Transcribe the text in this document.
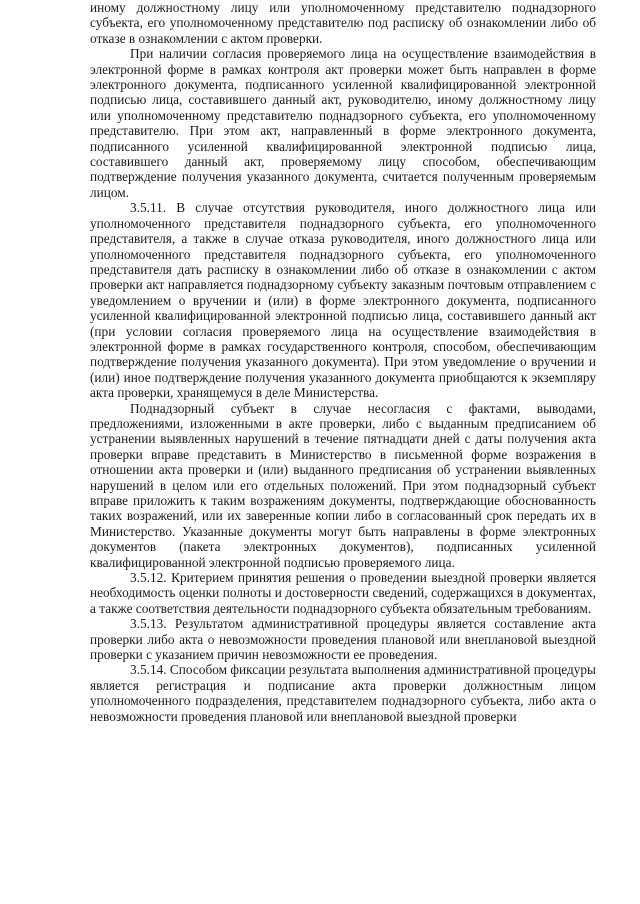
иному должностному лицу или уполномоченному представителю поднадзорного субъекта, его уполномоченному представителю под расписку об ознакомлении либо об отказе в ознакомлении с актом проверки.

При наличии согласия проверяемого лица на осуществление взаимодействия в электронной форме в рамках контроля акт проверки может быть направлен в форме электронного документа, подписанного усиленной квалифицированной электронной подписью лица, составившего данный акт, руководителю, иному должностному лицу или уполномоченному представителю поднадзорного субъекта, его уполномоченному представителю. При этом акт, направленный в форме электронного документа, подписанного усиленной квалифицированной электронной подписью лица, составившего данный акт, проверяемому лицу способом, обеспечивающим подтверждение получения указанного документа, считается полученным проверяемым лицом.

3.5.11. В случае отсутствия руководителя, иного должностного лица или уполномоченного представителя поднадзорного субъекта, его уполномоченного представителя, а также в случае отказа руководителя, иного должностного лица или уполномоченного представителя поднадзорного субъекта, его уполномоченного представителя дать расписку в ознакомлении либо об отказе в ознакомлении с актом проверки акт направляется поднадзорному субъекту заказным почтовым отправлением с уведомлением о вручении и (или) в форме электронного документа, подписанного усиленной квалифицированной электронной подписью лица, составившего данный акт (при условии согласия проверяемого лица на осуществление взаимодействия в электронной форме в рамках государственного контроля, способом, обеспечивающим подтверждение получения указанного документа). При этом уведомление о вручении и (или) иное подтверждение получения указанного документа приобщаются к экземпляру акта проверки, хранящемуся в деле Министерства.

Поднадзорный субъект в случае несогласия с фактами, выводами, предложениями, изложенными в акте проверки, либо с выданным предписанием об устранении выявленных нарушений в течение пятнадцати дней с даты получения акта проверки вправе представить в Министерство в письменной форме возражения в отношении акта проверки и (или) выданного предписания об устранении выявленных нарушений в целом или его отдельных положений. При этом поднадзорный субъект вправе приложить к таким возражениям документы, подтверждающие обоснованность таких возражений, или их заверенные копии либо в согласованный срок передать их в Министерство. Указанные документы могут быть направлены в форме электронных документов (пакета электронных документов), подписанных усиленной квалифицированной электронной подписью проверяемого лица.

3.5.12. Критерием принятия решения о проведении выездной проверки является необходимость оценки полноты и достоверности сведений, содержащихся в документах, а также соответствия деятельности поднадзорного субъекта обязательным требованиям.

3.5.13. Результатом административной процедуры является составление акта проверки либо акта о невозможности проведения плановой или внеплановой выездной проверки с указанием причин невозможности ее проведения.

3.5.14. Способом фиксации результата выполнения административной процедуры является регистрация и подписание акта проверки должностным лицом уполномоченного подразделения, представителем поднадзорного субъекта, либо акта о невозможности проведения плановой или внеплановой выездной проверки
